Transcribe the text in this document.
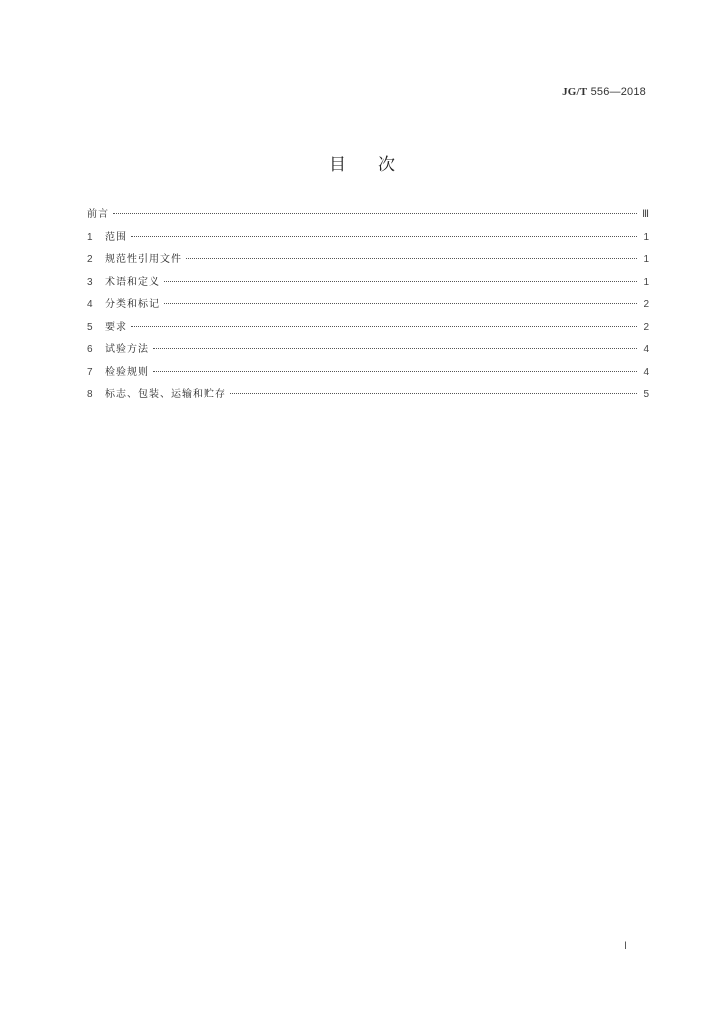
JG/T 556—2018
目次
前言	Ⅲ
1	范围	1
2	规范性引用文件	1
3	术语和定义	1
4	分类和标记	2
5	要求	2
6	试验方法	4
7	检验规则	4
8	标志、包装、运输和贮存	5
Ⅰ
